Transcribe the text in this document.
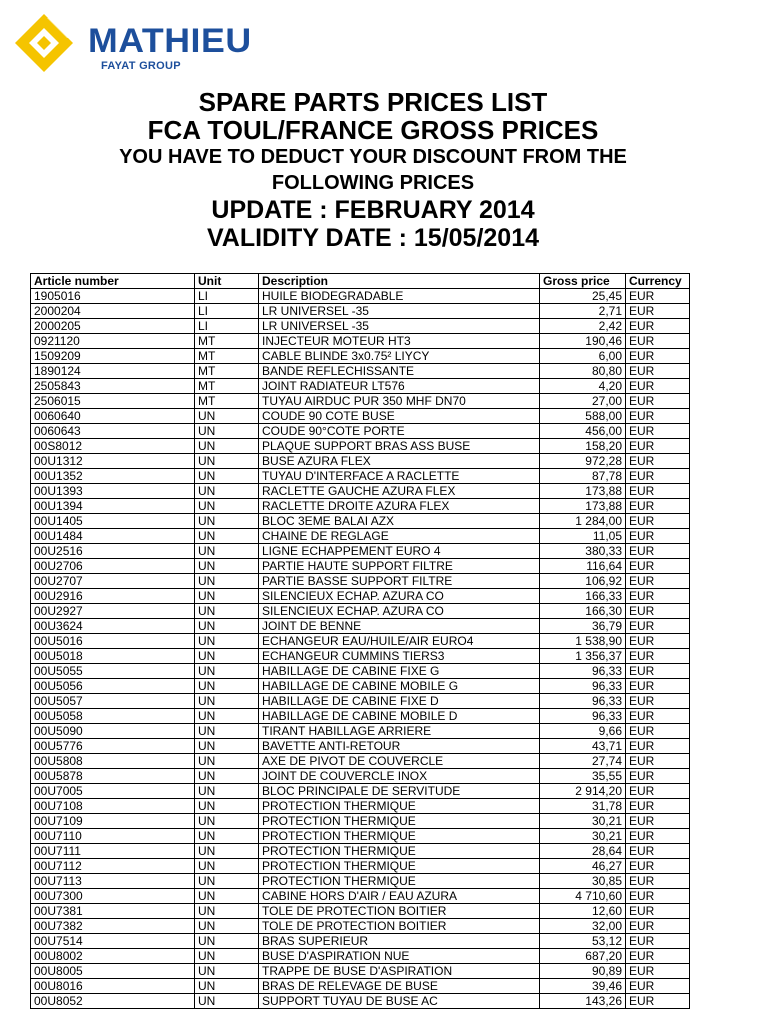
MATHIEU
FAYAT GROUP
SPARE PARTS PRICES LIST
FCA TOUL/FRANCE GROSS PRICES
YOU HAVE TO DEDUCT YOUR DISCOUNT FROM THE
FOLLOWING PRICES
UPDATE : FEBRUARY 2014
VALIDITY DATE : 15/05/2014
Article number	Unit	Description	Gross price	Currency
1905016	LI	HUILE BIODEGRADABLE	25,45	EUR
2000204	LI	LR UNIVERSEL -35	2,71	EUR
2000205	LI	LR UNIVERSEL -35	2,42	EUR
0921120	MT	INJECTEUR MOTEUR HT3	190,46	EUR
1509209	MT	CABLE BLINDE 3x0.75² LIYCY	6,00	EUR
1890124	MT	BANDE REFLECHISSANTE	80,80	EUR
2505843	MT	JOINT RADIATEUR LT576	4,20	EUR
2506015	MT	TUYAU AIRDUC PUR 350 MHF DN70	27,00	EUR
0060640	UN	COUDE 90 COTE BUSE	588,00	EUR
0060643	UN	COUDE 90°COTE PORTE	456,00	EUR
00S8012	UN	PLAQUE SUPPORT BRAS ASS BUSE	158,20	EUR
00U1312	UN	BUSE AZURA FLEX	972,28	EUR
00U1352	UN	TUYAU D'INTERFACE A RACLETTE	87,78	EUR
00U1393	UN	RACLETTE GAUCHE AZURA FLEX	173,88	EUR
00U1394	UN	RACLETTE DROITE AZURA FLEX	173,88	EUR
00U1405	UN	BLOC 3EME BALAI AZX	1 284,00	EUR
00U1484	UN	CHAINE DE REGLAGE	11,05	EUR
00U2516	UN	LIGNE ECHAPPEMENT EURO 4	380,33	EUR
00U2706	UN	PARTIE HAUTE SUPPORT FILTRE	116,64	EUR
00U2707	UN	PARTIE BASSE SUPPORT FILTRE	106,92	EUR
00U2916	UN	SILENCIEUX ECHAP. AZURA CO	166,33	EUR
00U2927	UN	SILENCIEUX ECHAP. AZURA CO	166,30	EUR
00U3624	UN	JOINT DE BENNE	36,79	EUR
00U5016	UN	ECHANGEUR EAU/HUILE/AIR EURO4	1 538,90	EUR
00U5018	UN	ECHANGEUR CUMMINS TIERS3	1 356,37	EUR
00U5055	UN	HABILLAGE DE CABINE FIXE G	96,33	EUR
00U5056	UN	HABILLAGE DE CABINE MOBILE G	96,33	EUR
00U5057	UN	HABILLAGE DE CABINE FIXE D	96,33	EUR
00U5058	UN	HABILLAGE DE CABINE MOBILE D	96,33	EUR
00U5090	UN	TIRANT HABILLAGE ARRIERE	9,66	EUR
00U5776	UN	BAVETTE ANTI-RETOUR	43,71	EUR
00U5808	UN	AXE DE PIVOT DE COUVERCLE	27,74	EUR
00U5878	UN	JOINT DE COUVERCLE INOX	35,55	EUR
00U7005	UN	BLOC PRINCIPALE DE SERVITUDE	2 914,20	EUR
00U7108	UN	PROTECTION THERMIQUE	31,78	EUR
00U7109	UN	PROTECTION THERMIQUE	30,21	EUR
00U7110	UN	PROTECTION THERMIQUE	30,21	EUR
00U7111	UN	PROTECTION THERMIQUE	28,64	EUR
00U7112	UN	PROTECTION THERMIQUE	46,27	EUR
00U7113	UN	PROTECTION THERMIQUE	30,85	EUR
00U7300	UN	CABINE HORS D'AIR / EAU AZURA	4 710,60	EUR
00U7381	UN	TOLE DE PROTECTION BOITIER	12,60	EUR
00U7382	UN	TOLE DE PROTECTION BOITIER	32,00	EUR
00U7514	UN	BRAS SUPERIEUR	53,12	EUR
00U8002	UN	BUSE D'ASPIRATION NUE	687,20	EUR
00U8005	UN	TRAPPE DE BUSE D'ASPIRATION	90,89	EUR
00U8016	UN	BRAS DE RELEVAGE DE BUSE	39,46	EUR
00U8052	UN	SUPPORT TUYAU DE BUSE AC	143,26	EUR
